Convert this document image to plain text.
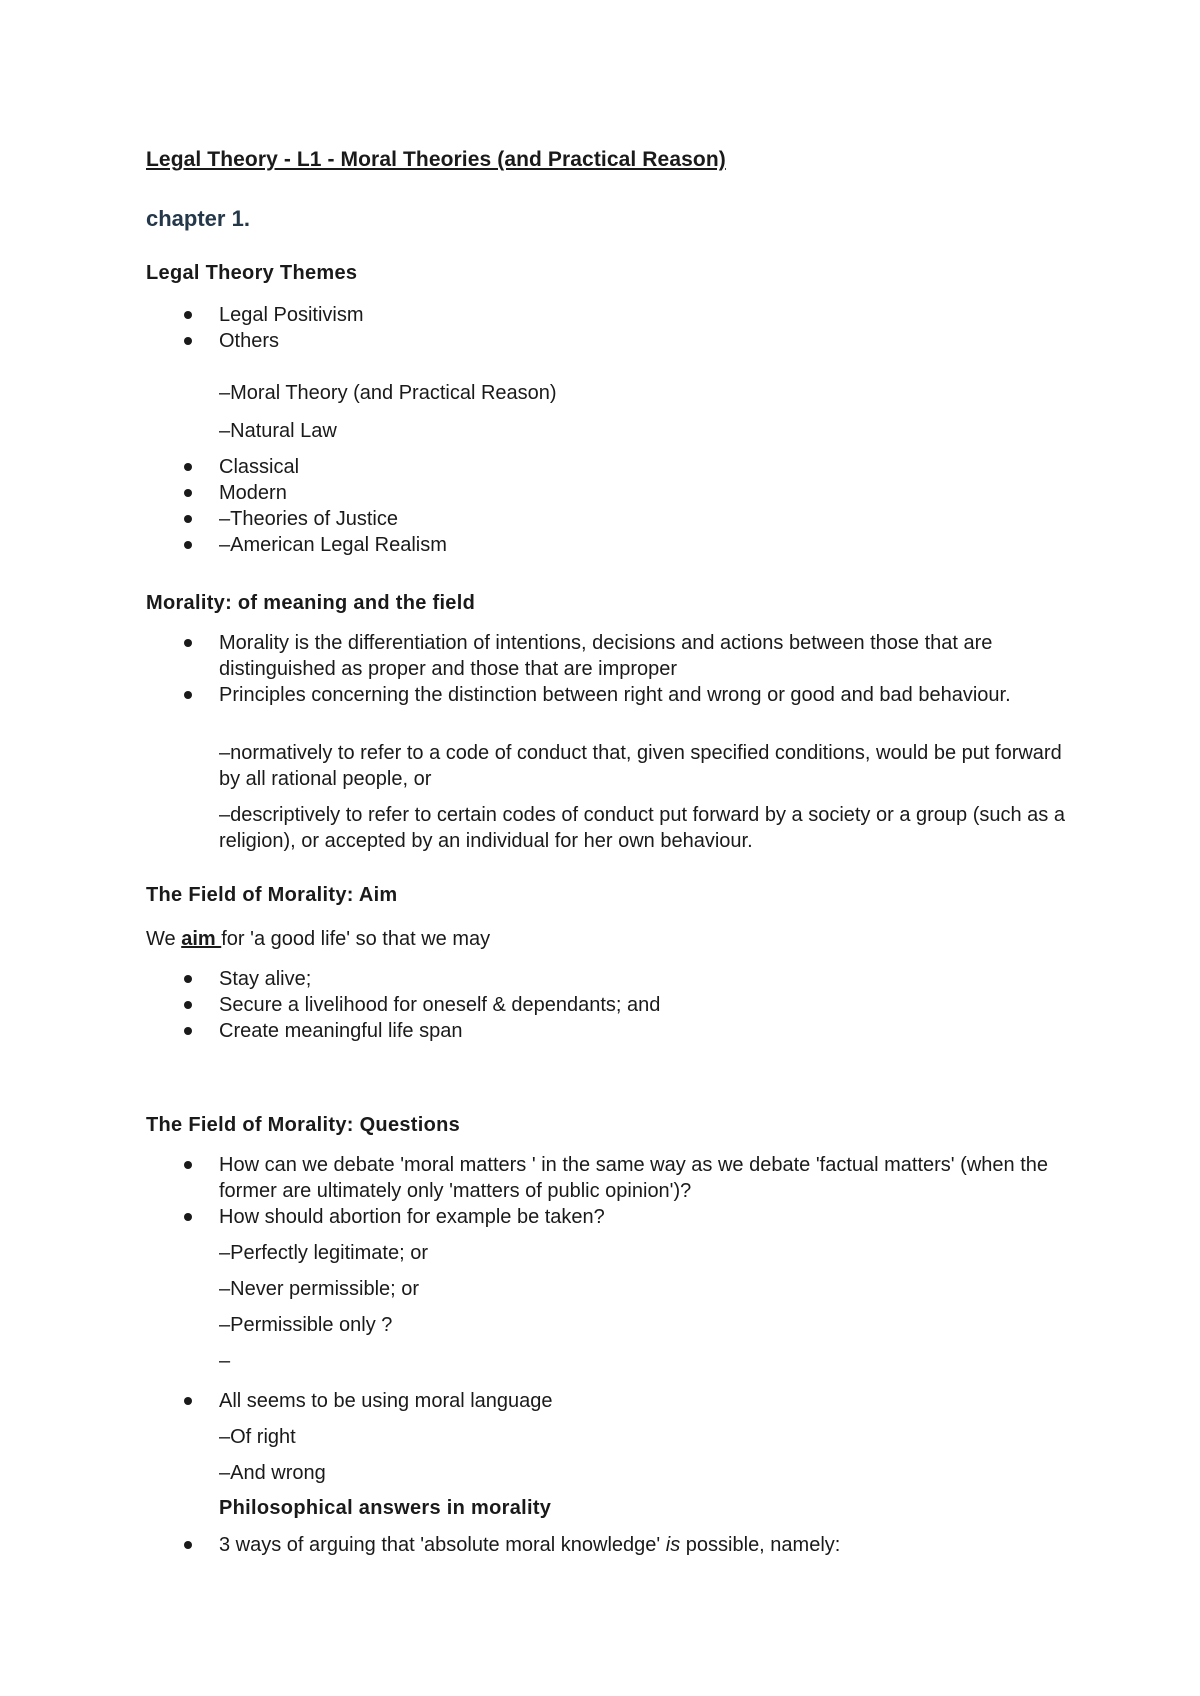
Legal Theory - L1 - Moral Theories (and Practical Reason)
chapter 1.
Legal Theory Themes
Legal Positivism
Others
–Moral Theory (and Practical Reason)
–Natural Law
Classical
Modern
–Theories of Justice
–American Legal Realism
Morality: of meaning and the field
Morality is the differentiation of intentions, decisions and actions between those that are distinguished as proper and those that are improper
Principles concerning the distinction between right and wrong or good and bad behaviour.
–normatively to refer to a code of conduct that, given specified conditions, would be put forward by all rational people, or
–descriptively to refer to certain codes of conduct put forward by a society or a group (such as a religion), or accepted by an individual for her own behaviour.
The Field of Morality: Aim
We aim for 'a good life' so that we may
Stay alive;
Secure a livelihood for oneself & dependants; and
Create meaningful life span
The Field of Morality: Questions
How can we debate 'moral matters ' in the same way as we debate 'factual matters' (when the former are ultimately only 'matters of public opinion')?
How should abortion for example be taken?
–Perfectly legitimate; or
–Never permissible; or
–Permissible only ?
–
All seems to be using moral language
–Of right
–And wrong
Philosophical answers in morality
3 ways of arguing that 'absolute moral knowledge' is possible, namely:
